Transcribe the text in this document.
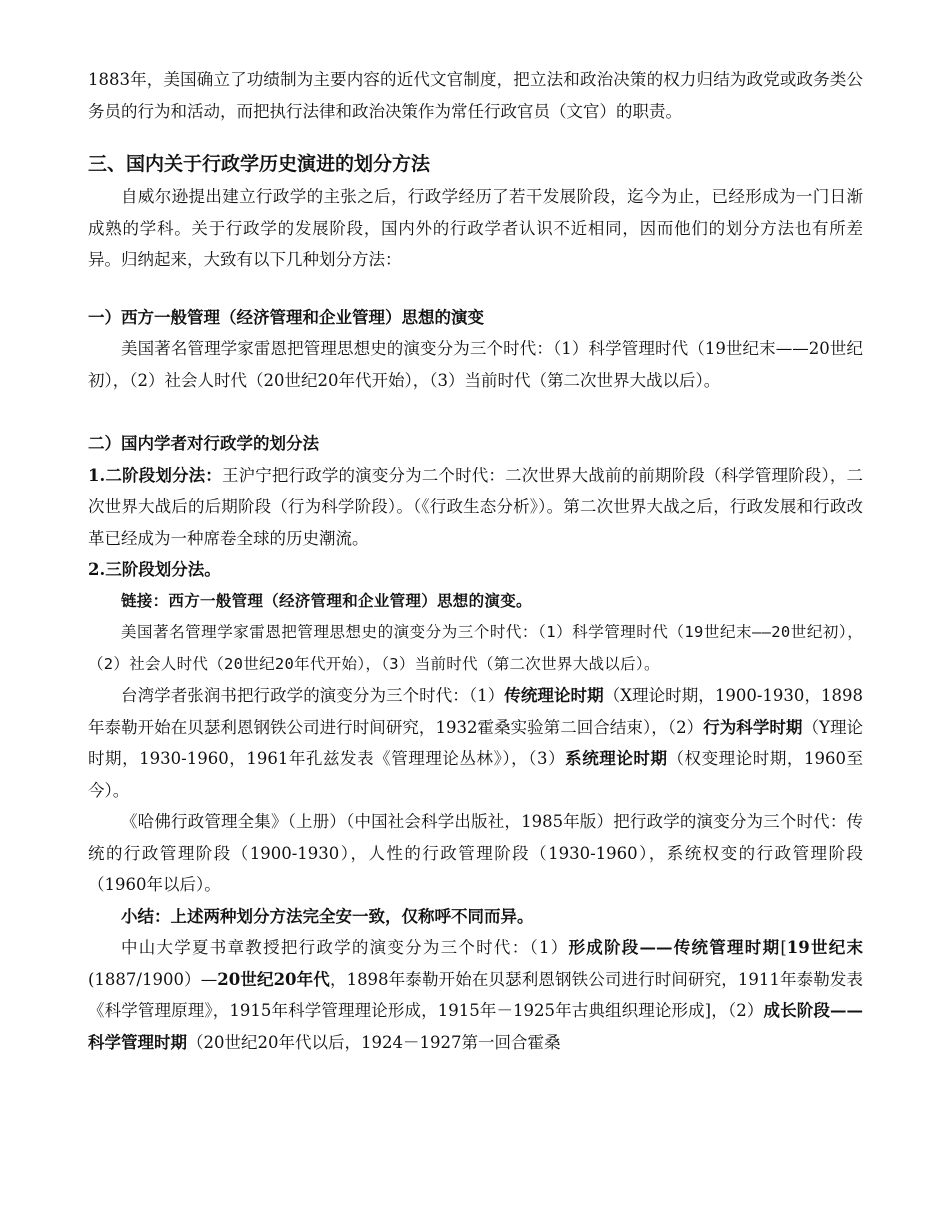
1883年，美国确立了功绩制为主要内容的近代文官制度，把立法和政治决策的权力归结为政党或政务类公务员的行为和活动，而把执行法律和政治决策作为常任行政官员（文官）的职责。

三、国内关于行政学历史演进的划分方法

自威尔逊提出建立行政学的主张之后，行政学经历了若干发展阶段，迄今为止，已经形成为一门日渐成熟的学科。关于行政学的发展阶段，国内外的行政学者认识不近相同，因而他们的划分方法也有所差异。归纳起来，大致有以下几种划分方法：

一）西方一般管理（经济管理和企业管理）思想的演变

美国著名管理学家雷恩把管理思想史的演变分为三个时代：（1）科学管理时代（19世纪末——20世纪初），（2）社会人时代（20世纪20年代开始），（3）当前时代（第二次世界大战以后）。

二）国内学者对行政学的划分法

1.二阶段划分法：王沪宁把行政学的演变分为二个时代：二次世界大战前的前期阶段（科学管理阶段），二次世界大战后的后期阶段（行为科学阶段）。（《行政生态分析》）。第二次世界大战之后，行政发展和行政改革已经成为一种席卷全球的历史潮流。

2.三阶段划分法。

链接：西方一般管理（经济管理和企业管理）思想的演变。

美国著名管理学家雷恩把管理思想史的演变分为三个时代：（1）科学管理时代（19世纪末——20世纪初），（2）社会人时代（20世纪20年代开始），（3）当前时代（第二次世界大战以后）。

台湾学者张润书把行政学的演变分为三个时代：（1）传统理论时期（X理论时期，1900-1930，1898年泰勒开始在贝瑟利恩钢铁公司进行时间研究，1932霍桑实验第二回合结束），（2）行为科学时期（Y理论时期，1930-1960，1961年孔兹发表《管理理论丛林》），（3）系统理论时期（权变理论时期，1960至今）。

《哈佛行政管理全集》（上册）（中国社会科学出版社，1985年版）把行政学的演变分为三个时代：传统的行政管理阶段（1900-1930），人性的行政管理阶段（1930-1960），系统权变的行政管理阶段（1960年以后）。

小结：上述两种划分方法完全安一致，仅称呼不同而异。

中山大学夏书章教授把行政学的演变分为三个时代：（1）形成阶段——传统管理时期[19世纪末(1887/1900）—20世纪20年代，1898年泰勒开始在贝瑟利恩钢铁公司进行时间研究，1911年泰勒发表《科学管理原理》，1915年科学管理理论形成，1915年－1925年古典组织理论形成]，（2）成长阶段——科学管理时期（20世纪20年代以后，1924－1927第一回合霍桑
